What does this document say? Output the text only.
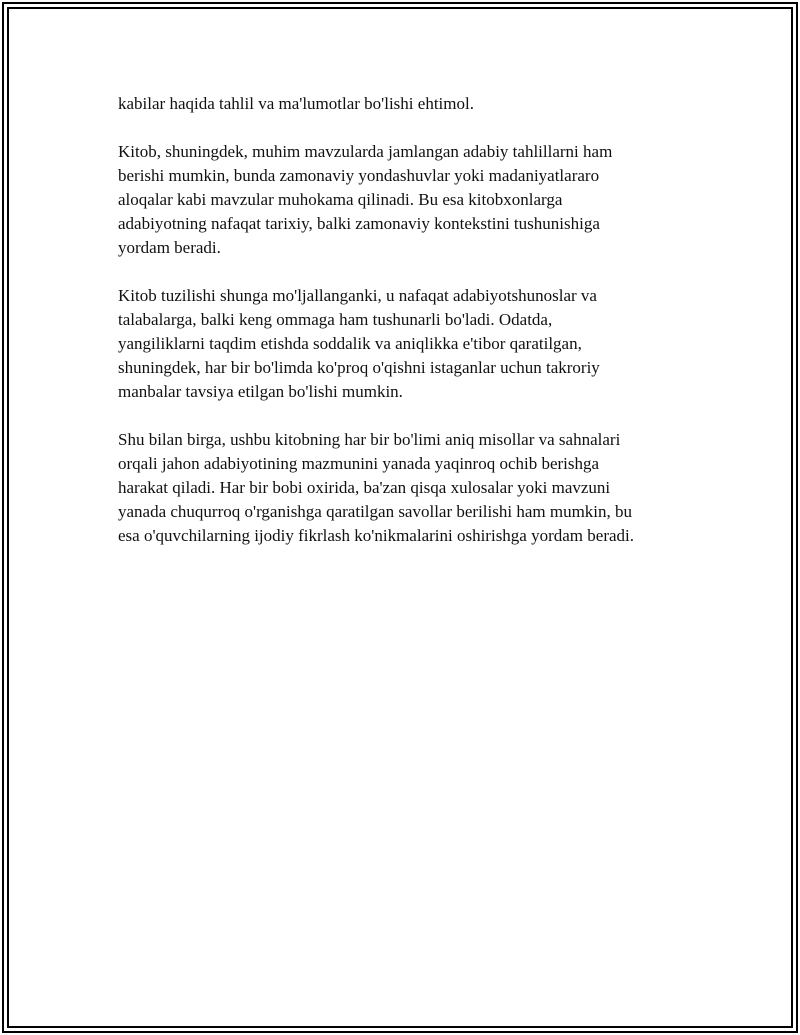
kabilar haqida tahlil va ma'lumotlar bo'lishi ehtimol.

Kitob, shuningdek, muhim mavzularda jamlangan adabiy tahlillarni ham
berishi mumkin, bunda zamonaviy yondashuvlar yoki madaniyatlararo
aloqalar kabi mavzular muhokama qilinadi. Bu esa kitobxonlarga
adabiyotning nafaqat tarixiy, balki zamonaviy kontekstini tushunishiga
yordam beradi.

Kitob tuzilishi shunga mo'ljallanganki, u nafaqat adabiyotshunoslar va
talabalarga, balki keng ommaga ham tushunarli bo'ladi. Odatda,
yangiliklarni taqdim etishda soddalik va aniqlikka e'tibor qaratilgan,
shuningdek, har bir bo'limda ko'proq o'qishni istaganlar uchun takroriy
manbalar tavsiya etilgan bo'lishi mumkin.

Shu bilan birga, ushbu kitobning har bir bo'limi aniq misollar va sahnalari
orqali jahon adabiyotining mazmunini yanada yaqinroq ochib berishga
harakat qiladi. Har bir bobi oxirida, ba'zan qisqa xulosalar yoki mavzuni
yanada chuqurroq o'rganishga qaratilgan savollar berilishi ham mumkin, bu
esa o'quvchilarning ijodiy fikrlash ko'nikmalarini oshirishga yordam beradi.
